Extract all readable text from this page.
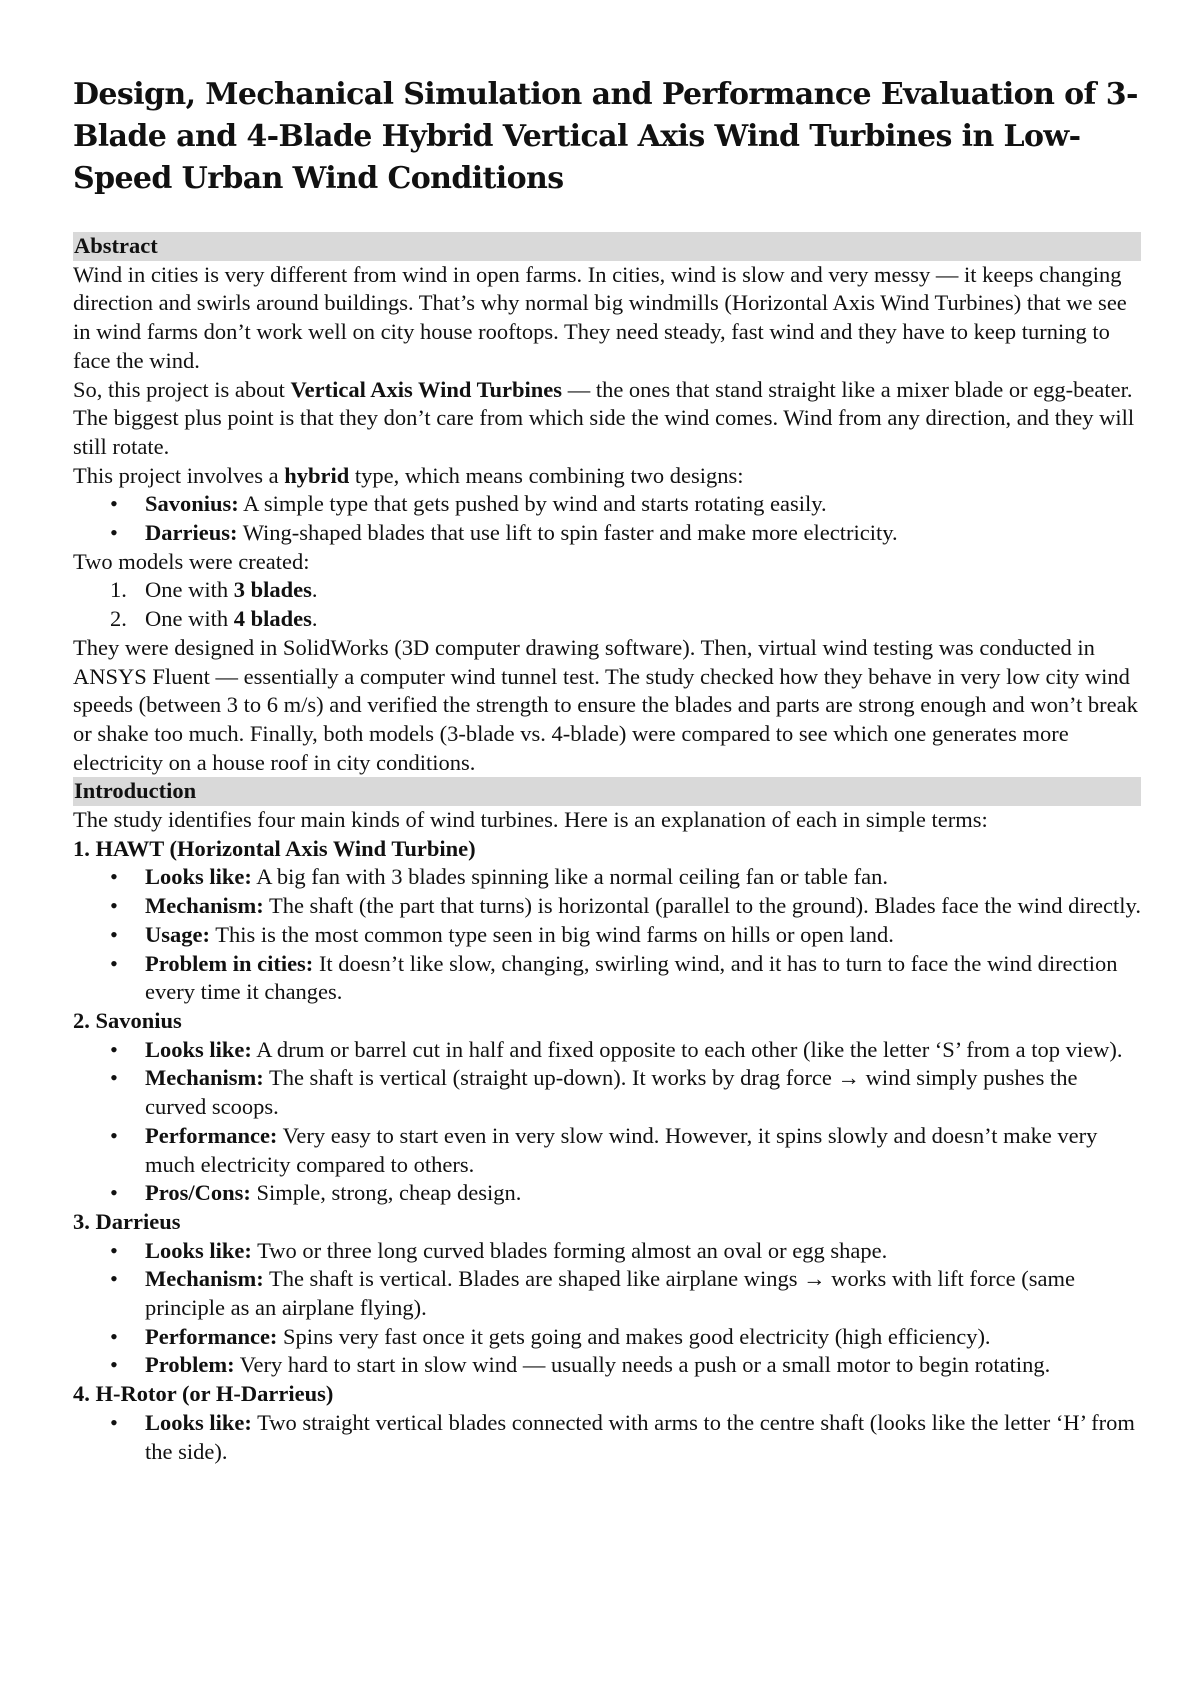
Design, Mechanical Simulation and Performance Evaluation of 3-Blade and 4-Blade Hybrid Vertical Axis Wind Turbines in Low-Speed Urban Wind Conditions
Abstract

Wind in cities is very different from wind in open farms. In cities, wind is slow and very messy — it keeps changing direction and swirls around buildings. That’s why normal big windmills (Horizontal Axis Wind Turbines) that we see in wind farms don’t work well on city house rooftops. They need steady, fast wind and they have to keep turning to face the wind.

So, this project is about Vertical Axis Wind Turbines — the ones that stand straight like a mixer blade or egg-beater. The biggest plus point is that they don’t care from which side the wind comes. Wind from any direction, and they will still rotate.

This project involves a hybrid type, which means combining two designs:

• Savonius: A simple type that gets pushed by wind and starts rotating easily.
• Darrieus: Wing-shaped blades that use lift to spin faster and make more electricity.

Two models were created:

1. One with 3 blades.
2. One with 4 blades.

They were designed in SolidWorks (3D computer drawing software). Then, virtual wind testing was conducted in ANSYS Fluent — essentially a computer wind tunnel test. The study checked how they behave in very low city wind speeds (between 3 to 6 m/s) and verified the strength to ensure the blades and parts are strong enough and won’t break or shake too much. Finally, both models (3-blade vs. 4-blade) were compared to see which one generates more electricity on a house roof in city conditions.

Introduction

The study identifies four main kinds of wind turbines. Here is an explanation of each in simple terms:

1. HAWT (Horizontal Axis Wind Turbine)

• Looks like: A big fan with 3 blades spinning like a normal ceiling fan or table fan.
• Mechanism: The shaft (the part that turns) is horizontal (parallel to the ground). Blades face the wind directly.
• Usage: This is the most common type seen in big wind farms on hills or open land.
• Problem in cities: It doesn’t like slow, changing, swirling wind, and it has to turn to face the wind direction every time it changes.

2. Savonius

• Looks like: A drum or barrel cut in half and fixed opposite to each other (like the letter ‘S’ from a top view).
• Mechanism: The shaft is vertical (straight up-down). It works by drag force → wind simply pushes the curved scoops.
• Performance: Very easy to start even in very slow wind. However, it spins slowly and doesn’t make very much electricity compared to others.
• Pros/Cons: Simple, strong, cheap design.

3. Darrieus

• Looks like: Two or three long curved blades forming almost an oval or egg shape.
• Mechanism: The shaft is vertical. Blades are shaped like airplane wings → works with lift force (same principle as an airplane flying).
• Performance: Spins very fast once it gets going and makes good electricity (high efficiency).
• Problem: Very hard to start in slow wind — usually needs a push or a small motor to begin rotating.

4. H-Rotor (or H-Darrieus)

• Looks like: Two straight vertical blades connected with arms to the centre shaft (looks like the letter ‘H’ from the side).
